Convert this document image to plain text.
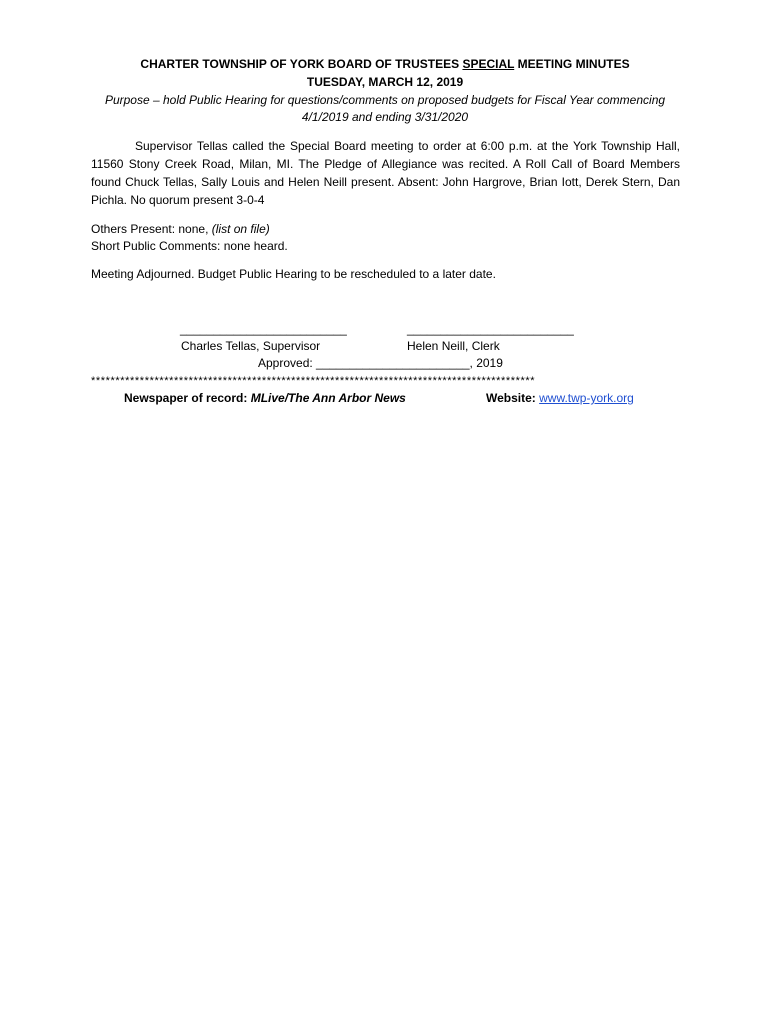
CHARTER TOWNSHIP OF YORK BOARD OF TRUSTEES SPECIAL MEETING MINUTES
TUESDAY, MARCH 12, 2019
Purpose – hold Public Hearing for questions/comments on proposed budgets for Fiscal Year commencing
4/1/2019 and ending 3/31/2020
Supervisor Tellas called the Special Board meeting to order at 6:00 p.m. at the York Township Hall, 11560 Stony Creek Road, Milan, MI. The Pledge of Allegiance was recited. A Roll Call of Board Members found Chuck Tellas, Sally Louis and Helen Neill present. Absent: John Hargrove, Brian Iott, Derek Stern, Dan Pichla. No quorum present 3-0-4
Others Present: none, (list on file)
Short Public Comments: none heard.
Meeting Adjourned. Budget Public Hearing to be rescheduled to a later date.
_________________________	_________________________
Charles Tellas, Supervisor	Helen Neill, Clerk
Approved: _______________________, 2019
*******************************************************************************************
Newspaper of record: MLive/The Ann Arbor News	Website: www.twp-york.org
